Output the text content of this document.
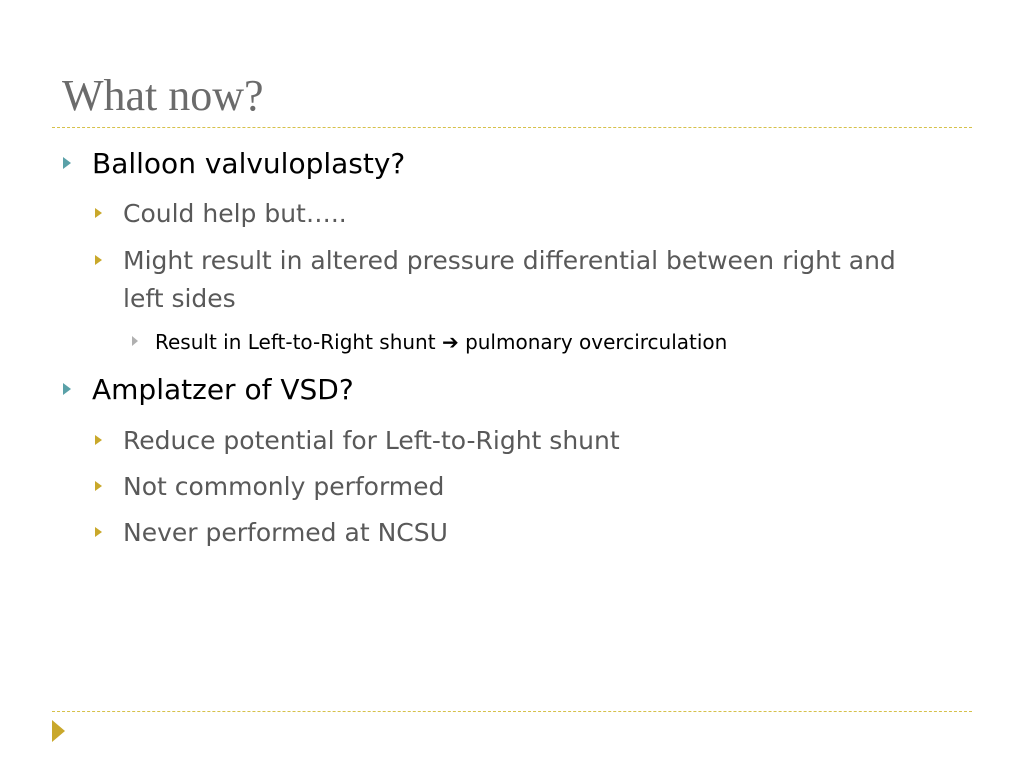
What now?
Balloon valvuloplasty?
Could help but…..
Might result in altered pressure differential between right and
left sides
Result in Left-to-Right shunt ➔ pulmonary overcirculation
Amplatzer of VSD?
Reduce potential for Left-to-Right shunt
Not commonly performed
Never performed at NCSU
